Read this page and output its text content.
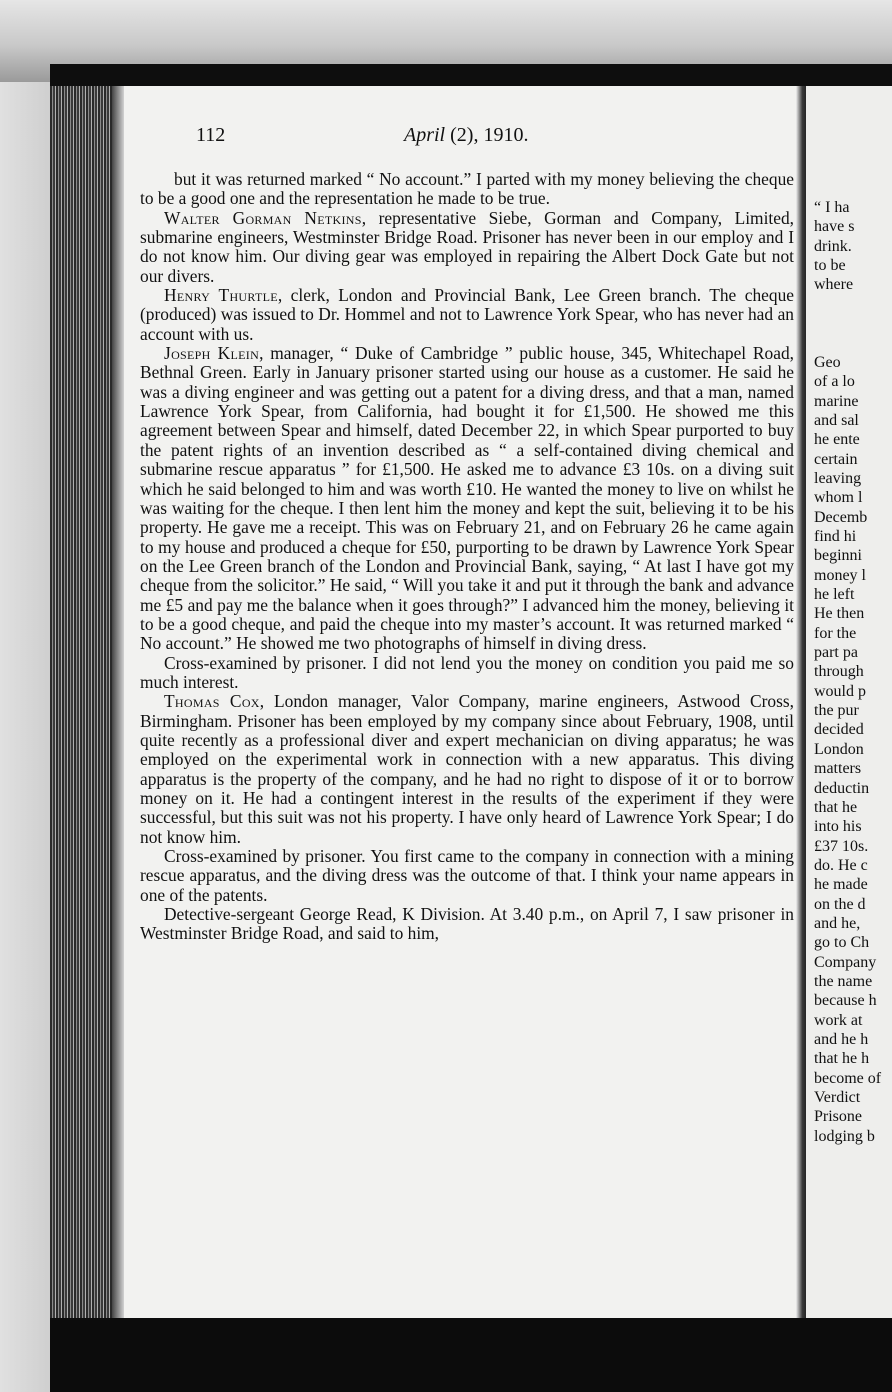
“ I ha
have s
drink.
to be
where
Geo
of a lo
marine
and sal
he ente
certain
leaving
whom l
Decemb
find hi
beginni
money l
he left
He then
for the
part pa
through
would p
the pur
decided
London
matters
deductin
that he
into his
£37 10s.
do. He c
he made
on the d
and he,
go to Ch
Company
the name
because h
work at
and he h
that he h
become of
Verdict
Prisone
lodging b
112	April (2), 1910.

but it was returned marked “ No account.” I parted with my money believing the cheque to be a good one and the representation he made to be true.

Walter Gorman Netkins, representative Siebe, Gorman and Company, Limited, submarine engineers, Westminster Bridge Road. Prisoner has never been in our employ and I do not know him. Our diving gear was employed in repairing the Albert Dock Gate but not our divers.

Henry Thurtle, clerk, London and Provincial Bank, Lee Green branch. The cheque (produced) was issued to Dr. Hommel and not to Lawrence York Spear, who has never had an account with us.

Joseph Klein, manager, “ Duke of Cambridge ” public house, 345, Whitechapel Road, Bethnal Green. Early in January prisoner started using our house as a customer. He said he was a diving engineer and was getting out a patent for a diving dress, and that a man, named Lawrence York Spear, from California, had bought it for £1,500. He showed me this agreement between Spear and himself, dated December 22, in which Spear purported to buy the patent rights of an invention described as “ a self-contained diving chemical and submarine rescue apparatus ” for £1,500. He asked me to advance £3 10s. on a diving suit which he said belonged to him and was worth £10. He wanted the money to live on whilst he was waiting for the cheque. I then lent him the money and kept the suit, believing it to be his property. He gave me a receipt. This was on February 21, and on February 26 he came again to my house and produced a cheque for £50, purporting to be drawn by Lawrence York Spear on the Lee Green branch of the London and Provincial Bank, saying, “ At last I have got my cheque from the solicitor.” He said, “ Will you take it and put it through the bank and advance me £5 and pay me the balance when it goes through?” I advanced him the money, believing it to be a good cheque, and paid the cheque into my master’s account. It was returned marked “ No account.” He showed me two photographs of himself in diving dress.

Cross-examined by prisoner. I did not lend you the money on condition you paid me so much interest.

Thomas Cox, London manager, Valor Company, marine engineers, Astwood Cross, Birmingham. Prisoner has been employed by my company since about February, 1908, until quite recently as a professional diver and expert mechanician on diving apparatus; he was employed on the experimental work in connection with a new apparatus. This diving apparatus is the property of the company, and he had no right to dispose of it or to borrow money on it. He had a contingent interest in the results of the experiment if they were successful, but this suit was not his property. I have only heard of Lawrence York Spear; I do not know him.

Cross-examined by prisoner. You first came to the company in connection with a mining rescue apparatus, and the diving dress was the outcome of that. I think your name appears in one of the patents.

Detective-sergeant George Read, K Division. At 3.40 p.m., on April 7, I saw prisoner in Westminster Bridge Road, and said to him,
